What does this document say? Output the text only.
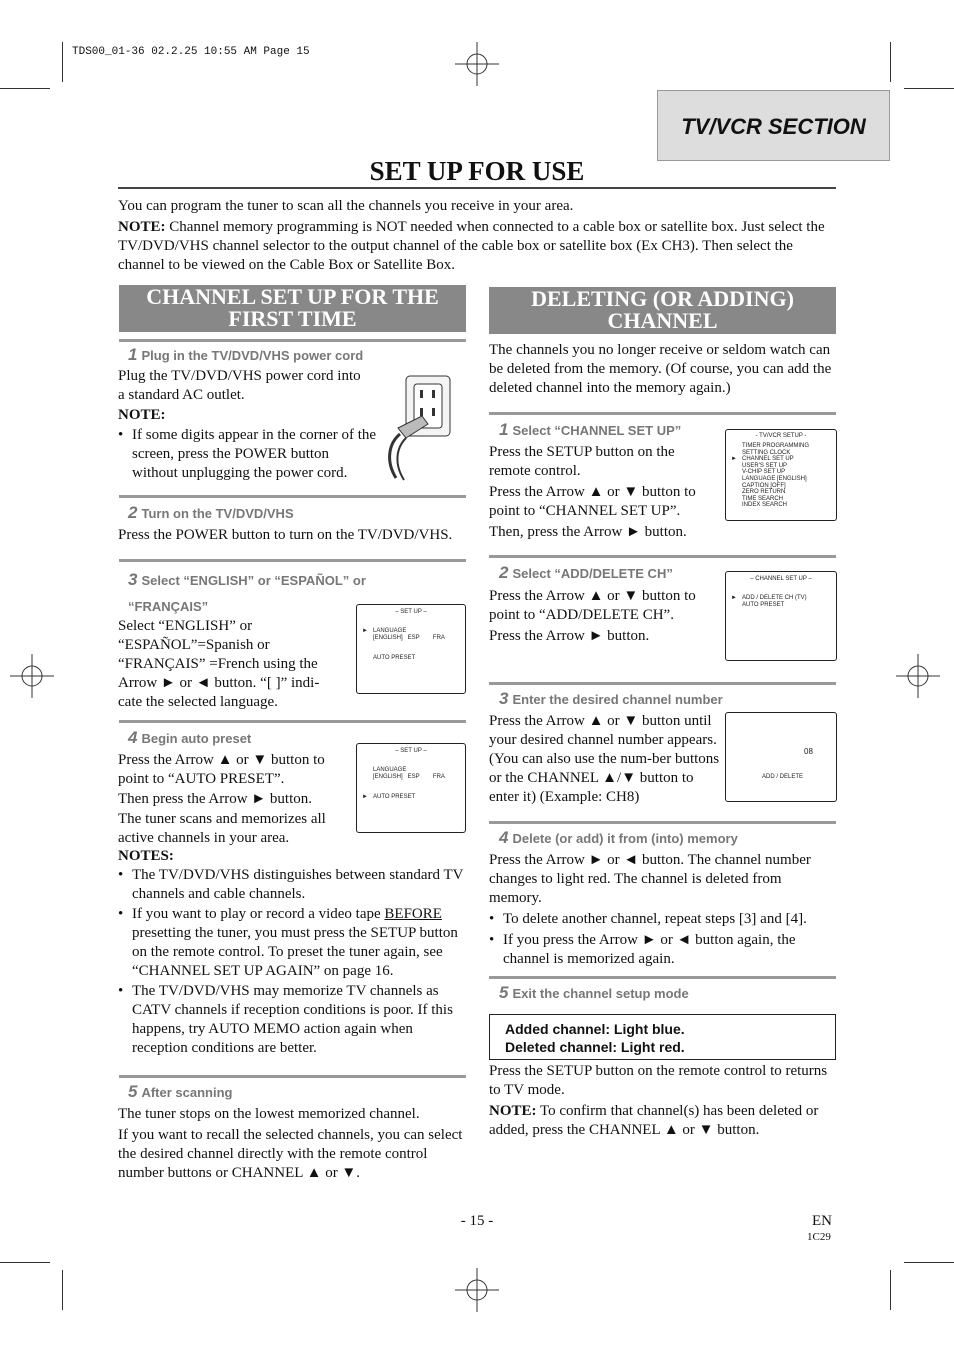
TDS00_01-36 02.2.25 10:55 AM Page 15
TV/VCR SECTION
SET UP FOR USE
You can program the tuner to scan all the channels you receive in your area.
NOTE: Channel memory programming is NOT needed when connected to a cable box or satellite box. Just select the TV/DVD/VHS channel selector to the output channel of the cable box or satellite box (Ex CH3). Then select the channel to be viewed on the Cable Box or Satellite Box.
CHANNEL SET UP FOR THE FIRST TIME
1 Plug in the TV/DVD/VHS power cord
Plug the TV/DVD/VHS power cord into a standard AC outlet.
NOTE:
• If some digits appear in the corner of the screen, press the POWER button without unplugging the power cord.
2 Turn on the TV/DVD/VHS
Press the POWER button to turn on the TV/DVD/VHS.
3 Select “ENGLISH” or “ESPAÑOL” or
“FRANÇAIS”
Select “ENGLISH” or “ESPAÑOL”=Spanish or “FRANÇAIS” =French using the Arrow ► or ◄ button. “[ ]” indi-cate the selected language.
– SET UP –
► LANGUAGE
[ENGLISH]   ESP        FRA
AUTO PRESET
4 Begin auto preset
Press the Arrow ▲ or ▼ button to point to “AUTO PRESET”.
Then press the Arrow ► button.
The tuner scans and memorizes all active channels in your area.
– SET UP –
LANGUAGE
[ENGLISH]   ESP        FRA
► AUTO PRESET
NOTES:
• The TV/DVD/VHS distinguishes between standard TV channels and cable channels.
• If you want to play or record a video tape BEFORE presetting the tuner, you must press the SETUP button on the remote control. To preset the tuner again, see “CHANNEL SET UP AGAIN” on page 16.
• The TV/DVD/VHS may memorize TV channels as CATV channels if reception conditions is poor. If this happens, try AUTO MEMO action again when reception conditions are better.
5 After scanning
The tuner stops on the lowest memorized channel.
If you want to recall the selected channels, you can select the desired channel directly with the remote control number buttons or CHANNEL ▲ or ▼.
DELETING (OR ADDING) CHANNEL
The channels you no longer receive or seldom watch can be deleted from the memory. (Of course, you can add the deleted channel into the memory again.)
1 Select “CHANNEL SET UP”
Press the SETUP button on the remote control.
Press the Arrow ▲ or ▼ button to point to “CHANNEL SET UP”.
Then, press the Arrow ► button.
- TV/VCR SETUP -
►
TIMER PROGRAMMING
SETTING CLOCK
CHANNEL SET UP
USER'S SET UP
V-CHIP SET UP
LANGUAGE [ENGLISH]
CAPTION [OFF]
ZERO RETURN
TIME SEARCH
INDEX SEARCH
2 Select “ADD/DELETE CH”
Press the Arrow ▲ or ▼ button to point to “ADD/DELETE CH”.
Press the Arrow ► button.
– CHANNEL SET UP –
► ADD / DELETE CH (TV)
AUTO PRESET
3 Enter the desired channel number
Press the Arrow ▲ or ▼ button until your desired channel number appears. (You can also use the num-ber buttons or the CHANNEL ▲/▼ button to enter it) (Example: CH8)
08
ADD / DELETE
4 Delete (or add) it from (into) memory
Press the Arrow ► or ◄ button. The channel number changes to light red. The channel is deleted from memory.
• To delete another channel, repeat steps [3] and [4].
• If you press the Arrow ► or ◄ button again, the channel is memorized again.
5 Exit the channel setup mode
Added channel: Light blue.
Deleted channel: Light red.
Press the SETUP button on the remote control to returns to TV mode.
NOTE: To confirm that channel(s) has been deleted or added, press the CHANNEL ▲ or ▼ button.
- 15 -	EN
1C29
